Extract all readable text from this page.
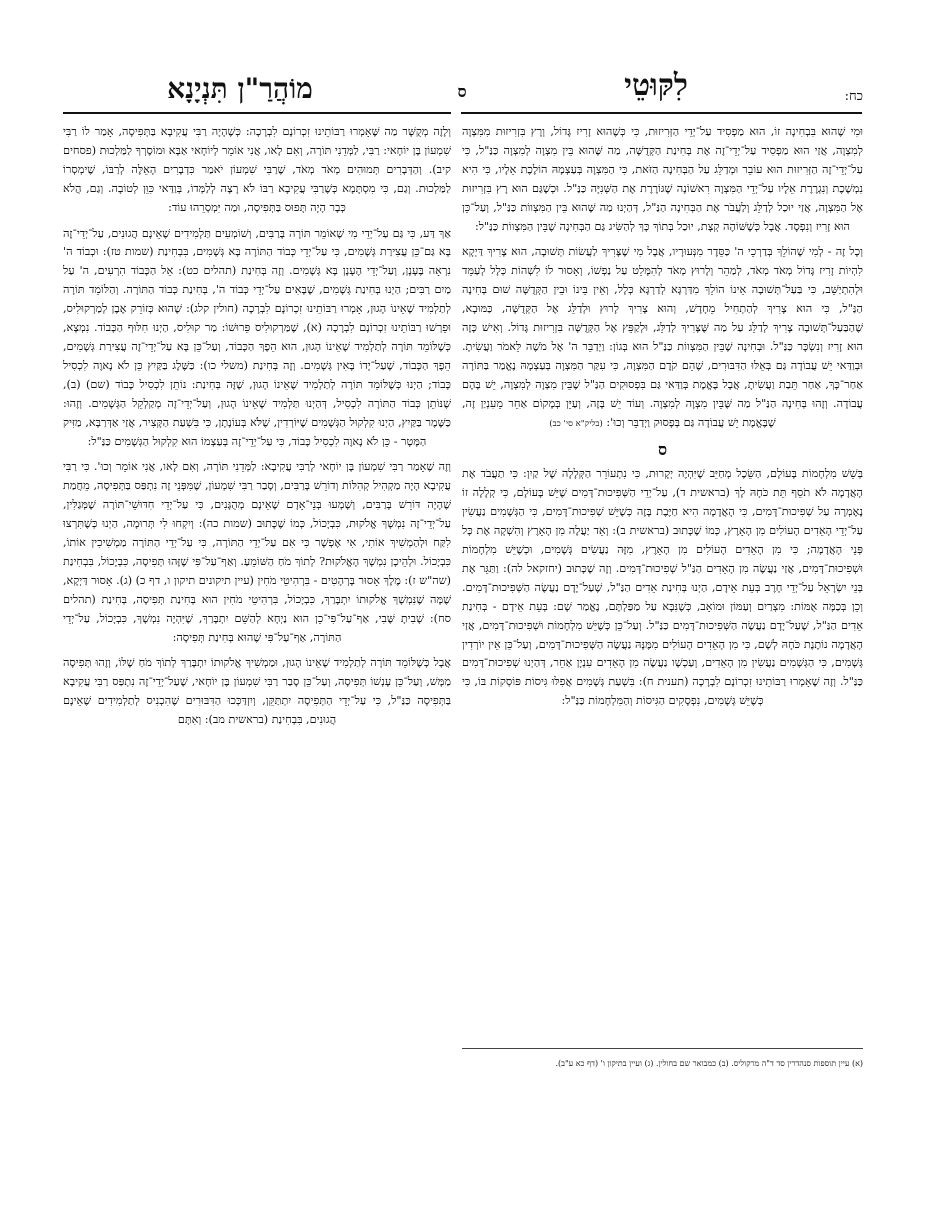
לִקּוּטֵי	כח:
ס
מוֹהֲרַ"ן תִּנְיָנָא

וּמִי שֶׁהוּא בִּבְחִינָה זוֹ, הוּא מַפְסִיד עַל־יְדֵי הַזְּרִיזוּת, כִּי כְּשֶׁהוּא זָרִיז גָּדוֹל, וְרָץ בִּזְרִיזוּת מִמִּצְוָה לְמִצְוָה, אֲזַי הוּא מַפְסִיד עַל־יְדֵי־זֶה אֶת בְּחִינַת הַקְּדֻשָּׁה, מַה שֶּׁהוּא בֵּין מִצְוָה לְמִצְוָה כַּנַּ"ל, כִּי עַל־יְדֵי־זֶה הַזְּרִיזוּת הוּא עוֹבֵר וּמְדַלֵּג עַל הַבְּחִינָה הַזֹּאת, כִּי הַמִּצְוָה בְּעַצְמָהּ הוֹלֶכֶת אֵלָיו, כִּי הִיא נִמְשֶׁכֶת וְנִגְרֶרֶת אֵלָיו עַל־יְדֵי הַמִּצְוָה רִאשׁוֹנָה שֶׁגּוֹרֶרֶת אֶת הַשְּׁנִיָּה כַּנַּ"ל. וּכְשֶׁגַּם הוּא רָץ בִּזְרִיזוּת אֶל הַמִּצְוָה, אֲזַי יוּכַל לְדַלֵּג וְלַעֲבֹר אֶת הַבְּחִינָה הַנַּ"ל, דְּהַיְנוּ מַה שֶּׁהוּא בֵּין הַמִּצְווֹת כַּנַּ"ל, וְעַל־כֵּן הוּא זָרִיז וְנִפְסָד. אֲבָל כְּשֶׁשּׁוֹהֶה קְצָת, יוּכַל בְּתוֹךְ כָּךְ לְהַשִּׂיג גַּם הַבְּחִינָה שֶׁבֵּין הַמִּצְווֹת כַּנַּ"ל:

וְכָל זֶה - לְמִי שֶׁהוֹלֵךְ בְּדַרְכֵי ה' כַּסֵּדֶר מִנְּעוּרָיו, אֲבָל מִי שֶׁצָּרִיךְ לַעֲשׂוֹת תְּשׁוּבָה, הוּא צָרִיךְ דַּיְקָא לִהְיוֹת זָרִיז גָּדוֹל מְאֹד מְאֹד, לְמַהֵר וְלָרוּץ מְאֹד לְהִמָּלֵט עַל נַפְשׁוֹ, וְאָסוּר לוֹ לִשְׁהוֹת כְּלָל לְעַמֵּד וּלְהִתְיַשֵּׁב, כִּי בַּעַל־תְּשׁוּבָה אֵינוֹ הוֹלֵךְ מִדַּרְגָּא לְדַרְגָּא כְּלָל, וְאֵין בֵּינוֹ וּבֵין הַקְּדֻשָּׁה שׁוּם בְּחִינָה הַנַּ"ל, כִּי הוּא צָרִיךְ לְהַתְחִיל מֵחָדָשׁ, וְהוּא צָרִיךְ לָרוּץ וּלְדַלֵּג אֶל הַקְּדֻשָּׁה, כַּמּוּבָא, שֶׁהַבַּעַל־תְּשׁוּבָה צָרִיךְ לְדַלֵּג עַל מַה שֶּׁצָּרִיךְ לְדַלֵּג, וּלְקַפֵּץ אֶל הַקְּדֻשָּׁה בִּזְרִיזוּת גָּדוֹל. וְאִישׁ כָּזֶה הוּא זָרִיז וְנִשְׂכָּר כַּנַּ"ל. וּבְחִינָה שֶׁבֵּין הַמִּצְווֹת כַּנַּ"ל הוּא בְּגוֹן: וַיְדַבֵּר ה' אֶל מֹשֶׁה לֵּאמֹר וַעֲשִׂיתָ. וּבְוַדַּאי יֵשׁ עֲבוֹדָה גַּם בְּאֵלּוּ הַדִּבּוּרִים, שֶׁהֵם קֹדֶם הַמִּצְוָה, כִּי עִקַּר הַמִּצְוָה בְּעַצְמָהּ נֶאֱמַר בַּתּוֹרָה אַחַר־כָּךְ, אַחַר תֵּבַת וַעֲשִׂיתָ, אֲבָל בֶּאֱמֶת בְּוַדַּאי גַּם בִּפְסוּקִים הַנַּ"ל שֶׁבֵּין מִצְוָה לְמִצְוָה, יֵשׁ בָּהֶם עֲבוֹדָה. וְזֶהוּ בְּחִינָה הַנַּ"ל מַה שֶּׁבֵּין מִצְוָה לְמִצְוָה. וְעוֹד יֵשׁ בָּזֶה, וְעַיֵּן בְּמָקוֹם אַחֵר מֵעִנְיַן זֶה, שֶׁבֶּאֱמֶת יֵשׁ עֲבוֹדָה גַּם בְּפָסוּק וַיְדַבֵּר וְכוּ': (בליק"א סי' כב)

ס

בְּשֵׁשׁ מִלְחָמוֹת בָּעוֹלָם, הַשֵּׂכֶל מְחַיֵּב שֶׁיִּהְיֶה יְקָרוּת, כִּי נִתְעוֹרֵר הַקְּלָלָה שֶׁל קַיִן: כִּי תַעֲבֹד אֶת הָאֲדָמָה לֹא תֹסֵף תֵּת כֹּחָהּ לָךְ (בראשית ד), עַל־יְדֵי הַשְּׁפִיכוּת־דָּמִים שֶׁיֵּשׁ בָּעוֹלָם, כִּי קְלָלָה זוֹ נֶאֶמְרָה עַל שְׁפִיכוּת־דָּמִים, כִּי הָאֲדָמָה הִיא חַיֶּבֶת בָּזֶה כְּשֶׁיֵּשׁ שְׁפִיכוּת־דָּמִים, כִּי הַגְּשָׁמִים נַעֲשִׂין עַל־יְדֵי הָאֵדִים הָעוֹלִים מִן הָאָרֶץ, כְּמוֹ שֶׁכָּתוּב (בראשית ב): וְאֵד יַעֲלֶה מִן הָאָרֶץ וְהִשְׁקָה אֶת כָּל פְּנֵי הָאֲדָמָה; כִּי מִן הָאֵדִים הָעוֹלִים מִן הָאָרֶץ, מִזֶּה נַעֲשִׂים גְּשָׁמִים, וּכְשֶׁיֵּשׁ מִלְחָמוֹת וּשְׁפִיכוּת־דָּמִים, אֲזַי נַעֲשֶׂה מִן הָאֵדִים הַנַּ"ל שְׁפִיכוּת־דָּמִים. וְזֶה שֶׁכָּתוּב (יחזקאל לה): וַתַּגֵּר אֶת בְּנֵי יִשְׂרָאֵל עַל־יְדֵי חָרֶב בְּעֵת אֵידָם, הַיְנוּ בְּחִינַת אֵדִים הַנַּ"ל, שֶׁעַל־יָדָם נַעֲשֶׂה הַשְּׁפִיכוּת־דָּמִים. וְכֵן בְּכַמָּה אֻמּוֹת: מִצְרַיִם וְעַמּוֹן וּמוֹאָב, כְּשֶׁנִּבָּא עַל מַפַּלְתָּם, נֶאֱמַר שָׁם: בְּעֵת אֵידָם - בְּחִינַת אֵדִים הַנַּ"ל, שֶׁעַל־יָדָם נַעֲשֶׂה הַשְּׁפִיכוּת־דָּמִים כַּנַּ"ל. וְעַל־כֵּן כְּשֶׁיֵּשׁ מִלְחָמוֹת וּשְׁפִיכוּת־דָּמִים, אֲזַי הָאֲדָמָה נוֹתֶנֶת כֹּחָהּ לְשָׁם, כִּי מִן הָאֵדִים הָעוֹלִים מִמֶּנָּהּ נַעֲשֶׂה הַשְּׁפִיכוּת־דָּמִים, וְעַל־כֵּן אֵין יוֹרְדִין גְּשָׁמִים, כִּי הַגְּשָׁמִים נַעֲשִׂין מִן הָאֵדִים, וְעַכְשָׁו נַעֲשֶׂה מִן הָאֵדִים עִנְיָן אַחֵר, דְּהַיְנוּ שְׁפִיכוּת־דָּמִים כַּנַּ"ל. וְזֶה שֶׁאָמְרוּ רַבּוֹתֵינוּ זִכְרוֹנָם לִבְרָכָה (תענית ח): בִּשְׁעַת גְּשָׁמִים אֲפִלּוּ גִּיסוֹת פּוֹסְקוֹת בּוֹ, כִּי כְּשֶׁיֵּשׁ גְּשָׁמִים, נִפְסָקִים הַגִּיסוֹת וְהַמִּלְחָמוֹת כַּנַּ"ל:

וְלָזֶה מְקֻשָּׁר מַה שֶּׁאָמְרוּ רַבּוֹתֵינוּ זִכְרוֹנָם לִבְרָכָה: כְּשֶׁהָיָה רַבִּי עֲקִיבָא בַּתְּפִיסָה, אָמַר לוֹ רַבִּי שִׁמְעוֹן בֶּן יוֹחָאי: רַבִּי, לַמְּדֵנִי תּוֹרָה, וְאִם לָאו, אֲנִי אוֹמֵר לְיוֹחָאי אַבָּא וּמוֹסֶרְךָ לַמַּלְכוּת (פסחים קיב). וְהַדְּבָרִים תְּמוּהִים מְאֹד מְאֹד, שֶׁרַבִּי שִׁמְעוֹן יֹאמַר כִּדְבָרִים הָאֵלֶּה לְרַבּוֹ, שֶׁימְסְרוֹ לַמַּלְכוּת. וְגַם, כִּי מִסְתָּמָא כְּשֶׁרַבִּי עֲקִיבָא רַבּוֹ לֹא רָצָה לְלַמְּדוֹ, בְּוַדַּאי כִּוֵּן לְטוֹבָה. וְגַם, הֲלֹא כְּבָר הָיָה תָּפוּס בַּתְּפִיסָה, וּמַה יִּמְסְרֵהוּ עוֹד:

אַךְ דַּע, כִּי גַּם עַל־יְדֵי מִי שֶׁאוֹמֵר תּוֹרָה בָּרַבִּים, וְשׁוֹמְעִים תַּלְמִידִים שֶׁאֵינָם הֲגוּנִים, עַל־יְדֵי־זֶה בָּא גַּם־כֵּן עֲצִירַת גְּשָׁמִים, כִּי עַל־יְדֵי כְּבוֹד הַתּוֹרָה בָּא גְּשָׁמִים, בִּבְחִינַת (שמות טז): וּכְבוֹד ה' נִרְאָה בֶּעָנָן, וְעַל־יְדֵי הֶעָנָן בָּא גְּשָׁמִים. וְזֶה בְּחִינַת (תהלים כט): אֵל הַכָּבוֹד הִרְעִים, ה' עַל מַיִם רַבִּים; הַיְנוּ בְּחִינַת גְּשָׁמִים, שֶׁבָּאִים עַל־יְדֵי כְּבוֹד ה', בְּחִינַת כְּבוֹד הַתּוֹרָה. וְהַלּוֹמֵד תּוֹרָה לְתַלְמִיד שֶׁאֵינוֹ הָגוּן, אָמְרוּ רַבּוֹתֵינוּ זִכְרוֹנָם לִבְרָכָה (חולין קלג): שֶׁהוּא כְּזוֹרֵק אֶבֶן לְמַרְקוּלִיס, וּפֵרְשׁוּ רַבּוֹתֵינוּ זִכְרוֹנָם לִבְרָכָה (א), שֶׁמַּרְקוּלִיס פֵּרוּשׁוֹ: מַר קוּלִיס, הַיְנוּ חִלּוּף הַכָּבוֹד. נִמְצָא, כְּשֶׁלּוֹמֵד תּוֹרָה לְתַלְמִיד שֶׁאֵינוֹ הָגוּן, הוּא הֵפֶךְ הַכָּבוֹד, וְעַל־כֵּן בָּא עַל־יְדֵי־זֶה עֲצִירַת גְּשָׁמִים, הֵפֶךְ הַכָּבוֹד, שֶׁעַל־יָדוֹ בָּאִין גְּשָׁמִים. וְזֶה בְּחִינַת (משלי כו): כַּשֶּׁלֶג בַּקַּיִץ כֵּן לֹא נָאוֶה לִכְסִיל כָּבוֹד; הַיְנוּ כְּשֶׁלּוֹמֵד תּוֹרָה לְתַלְמִיד שֶׁאֵינוֹ הָגוּן, שֶׁזֶּה בְּחִינַת: נוֹתֵן לִכְסִיל כָּבוֹד (שם) (ב), שֶׁנּוֹתֵן כְּבוֹד הַתּוֹרָה לִכְסִיל, דְּהַיְנוּ תַּלְמִיד שֶׁאֵינוֹ הָגוּן, וְעַל־יְדֵי־זֶה מְקַלְקֵל הַגְּשָׁמִים. וְזֶהוּ: כַּשֶּׁמֶר בַּקַּיִץ, הַיְנוּ קִלְקוּל הַגְּשָׁמִים שֶׁיּוֹרְדִין, שֶׁלֹּא בְּעוֹנָתָן, כִּי בִּשְׁעַת הַקָּצִיר, אֲזַי אַדְּרַבָּא, מַזִּיק הַמָּטָר - כֵּן לֹא נָאוֶה לִכְסִיל כָּבוֹד, כִּי עַל־יְדֵי־זֶה בְּעַצְמוֹ הוּא קִלְקוּל הַגְּשָׁמִים כַּנַּ"ל:

וְזֶה שֶׁאָמַר רַבִּי שִׁמְעוֹן בֶּן יוֹחָאי לְרַבִּי עֲקִיבָא: לַמְּדֵנִי תּוֹרָה, וְאִם לָאו, אֲנִי אוֹמֵר וְכוּ'. כִּי רַבִּי עֲקִיבָא הָיָה מַקְהִיל קְהִלּוֹת וְדוֹרֵשׁ בָּרַבִּים, וְסָבַר רַבִּי שִׁמְעוֹן, שֶׁמִּפְּנֵי זֶה נִתְפַּס בַּתְּפִיסָה, מֵחֲמַת שֶׁהָיָה דּוֹרֵשׁ בָּרַבִּים, וְשָׁמְעוּ בְּנֵי־אָדָם שֶׁאֵינָם מְהֻגָּנִים, כִּי עַל־יְדֵי חִדּוּשֵׁי־תּוֹרָה שֶׁמְּגַלִּין, עַל־יְדֵי־זֶה נִמְשָׁךְ אֱלֹקוּת, כִּבְיָכוֹל, כְּמוֹ שֶׁכָּתוּב (שמות כה): וְיִקְחוּ לִי תְּרוּמָה, הַיְנוּ כְּשֶׁתִּרְצוּ לִקַּח וּלְהַמְשִׁיךְ אוֹתִי, אִי אֶפְשָׁר כִּי אִם עַל־יְדֵי הַתּוֹרָה, כִּי עַל־יְדֵי הַתּוֹרָה מַמְשִׁיכִין אוֹתוֹ, כִּבְיָכוֹל. וּלְהֵיכָן נִמְשָׁךְ הָאֱלֹקוּת? לְתוֹךְ מֹחַ הַשּׁוֹמֵעַ. וְאַף־עַל־פִּי שֶׁזֶּהוּ תְּפִיסָה, כִּבְיָכוֹל, בִּבְחִינַת (שה"ש ז): מֶלֶךְ אָסוּר בָּרְהָטִים - בִּרְהִיטֵי מֹחִין (עיין תיקונים תיקון ו, דף כ) (ג). אָסוּר דַּיְקָא, שֶׁמָּה שֶׁנִּמְשָׁךְ אֱלֹקוּתוֹ יִתְבָּרַךְ, כִּבְיָכוֹל, בִּרְהִיטֵי מֹחִין הוּא בְּחִינַת תְּפִיסָה, בְּחִינַת (תהלים סח): שָׁבִיתָ שֶּׁבִי, אַף־עַל־פִּי־כֵן הוּא נַיְחָא לְהַשֵּׁם יִתְבָּרַךְ, שֶׁיִּהְיֶה נִמְשָׁךְ, כִּבְיָכוֹל, עַל־יְדֵי הַתּוֹרָה, אַף־עַל־פִּי שֶׁהוּא בְּחִינַת תְּפִיסָה:

אֲבָל כְּשֶׁלּוֹמֵד תּוֹרָה לְתַלְמִיד שֶׁאֵינוֹ הָגוּן, וּמַמְשִׁיךְ אֱלֹקוּתוֹ יִתְבָּרַךְ לְתוֹךְ מֹחַ שֶׁלּוֹ, וְזֶהוּ תְּפִיסָה מַמָּשׁ, וְעַל־כֵּן עָנְשׁוֹ תְּפִיסָה, וְעַל־כֵּן סָבַר רַבִּי שִׁמְעוֹן בֶּן יוֹחָאי, שֶׁעַל־יְדֵי־זֶה נִתְפַּס רַבִּי עֲקִיבָא בַּתְּפִיסָה כַּנַּ"ל, כִּי עַל־יְדֵי הַתְּפִיסָה יִתְתַּקֵּן, וְיִזְדַּכְּכוּ הַדִּבּוּרִים שֶׁהִכְנִיס לְתַלְמִידִים שֶׁאֵינָם הֲגוּנִים, בִּבְחִינַת (בראשית מב): וְאִתָּם

(א) עיין תוספות סנהדרין סד ד"ה מרקוליס. (ב) כמבואר שם בחולין. (ג) ועיין בתיקון ו' (דף כא ע"ב).
